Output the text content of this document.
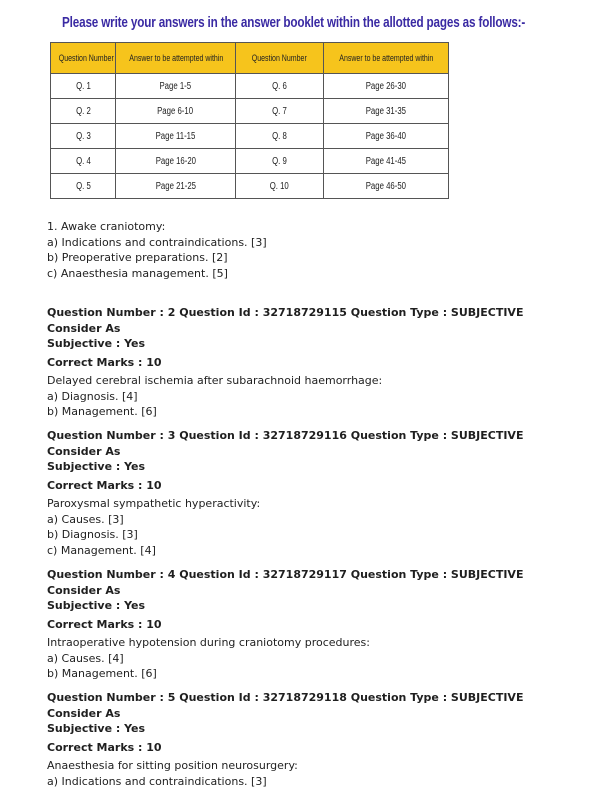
Please write your answers in the answer booklet within the allotted pages as follows:-
Question Number	Answer to be attempted within	Question Number	Answer to be attempted within
Q. 1	Page 1-5	Q. 6	Page 26-30
Q. 2	Page 6-10	Q. 7	Page 31-35
Q. 3	Page 11-15	Q. 8	Page 36-40
Q. 4	Page 16-20	Q. 9	Page 41-45
Q. 5	Page 21-25	Q. 10	Page 46-50

1. Awake craniotomy:

a) Indications and contraindications. [3]

b) Preoperative preparations. [2]

c) Anaesthesia management. [5]

Question Number : 2 Question Id : 32718729115 Question Type : SUBJECTIVE Consider As

Subjective : Yes

Correct Marks : 10

Delayed cerebral ischemia after subarachnoid haemorrhage:

a) Diagnosis. [4]

b) Management. [6]

Question Number : 3 Question Id : 32718729116 Question Type : SUBJECTIVE Consider As

Subjective : Yes

Correct Marks : 10

Paroxysmal sympathetic hyperactivity:

a) Causes. [3]

b) Diagnosis. [3]

c) Management. [4]

Question Number : 4 Question Id : 32718729117 Question Type : SUBJECTIVE Consider As

Subjective : Yes

Correct Marks : 10

Intraoperative hypotension during craniotomy procedures:

a) Causes. [4]

b) Management. [6]

Question Number : 5 Question Id : 32718729118 Question Type : SUBJECTIVE Consider As

Subjective : Yes

Correct Marks : 10

Anaesthesia for sitting position neurosurgery:

a) Indications and contraindications. [3]
